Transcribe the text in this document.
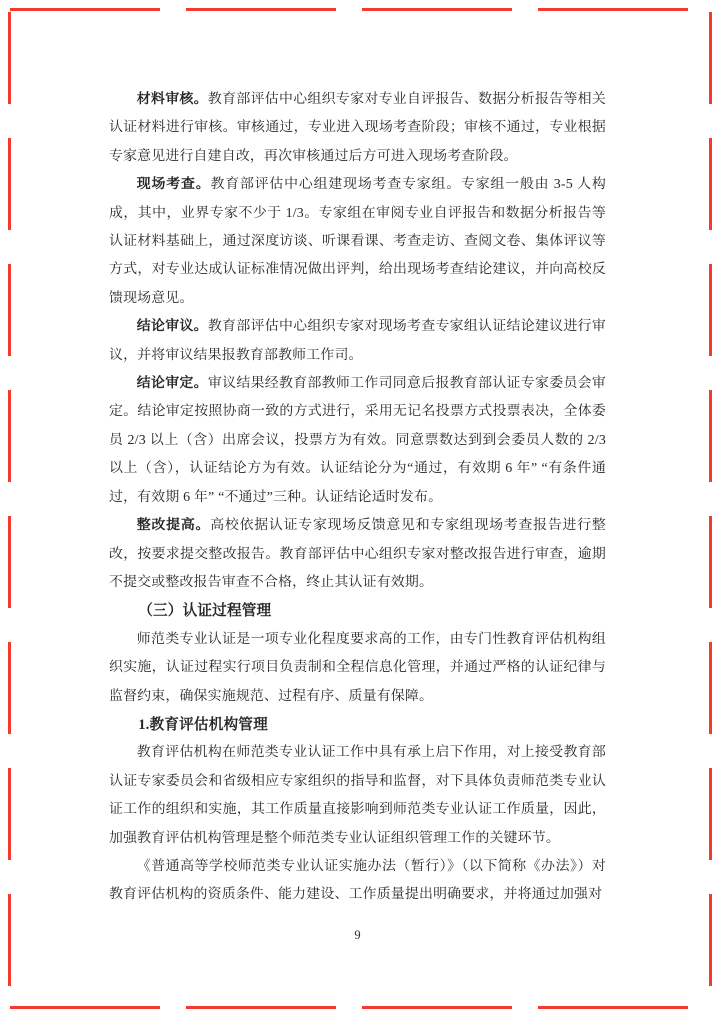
材料审核。教育部评估中心组织专家对专业自评报告、数据分析报告等相关认证材料进行审核。审核通过，专业进入现场考查阶段；审核不通过，专业根据专家意见进行自建自改，再次审核通过后方可进入现场考查阶段。

现场考查。教育部评估中心组建现场考查专家组。专家组一般由 3-5 人构成，其中，业界专家不少于 1/3。专家组在审阅专业自评报告和数据分析报告等认证材料基础上，通过深度访谈、听课看课、考查走访、查阅文卷、集体评议等方式，对专业达成认证标准情况做出评判，给出现场考查结论建议，并向高校反馈现场意见。

结论审议。教育部评估中心组织专家对现场考查专家组认证结论建议进行审议，并将审议结果报教育部教师工作司。

结论审定。审议结果经教育部教师工作司同意后报教育部认证专家委员会审定。结论审定按照协商一致的方式进行，采用无记名投票方式投票表决，全体委员 2/3 以上（含）出席会议，投票方为有效。同意票数达到到会委员人数的 2/3 以上（含），认证结论方为有效。认证结论分为“通过，有效期 6 年” “有条件通过，有效期 6 年” “不通过”三种。认证结论适时发布。

整改提高。高校依据认证专家现场反馈意见和专家组现场考查报告进行整改，按要求提交整改报告。教育部评估中心组织专家对整改报告进行审查，逾期不提交或整改报告审查不合格，终止其认证有效期。

（三）认证过程管理

师范类专业认证是一项专业化程度要求高的工作，由专门性教育评估机构组织实施，认证过程实行项目负责制和全程信息化管理，并通过严格的认证纪律与监督约束，确保实施规范、过程有序、质量有保障。

1.教育评估机构管理

教育评估机构在师范类专业认证工作中具有承上启下作用，对上接受教育部认证专家委员会和省级相应专家组织的指导和监督，对下具体负责师范类专业认证工作的组织和实施，其工作质量直接影响到师范类专业认证工作质量，因此，加强教育评估机构管理是整个师范类专业认证组织管理工作的关键环节。

《普通高等学校师范类专业认证实施办法（暂行）》（以下简称《办法》）对教育评估机构的资质条件、能力建设、工作质量提出明确要求，并将通过加强对

9
